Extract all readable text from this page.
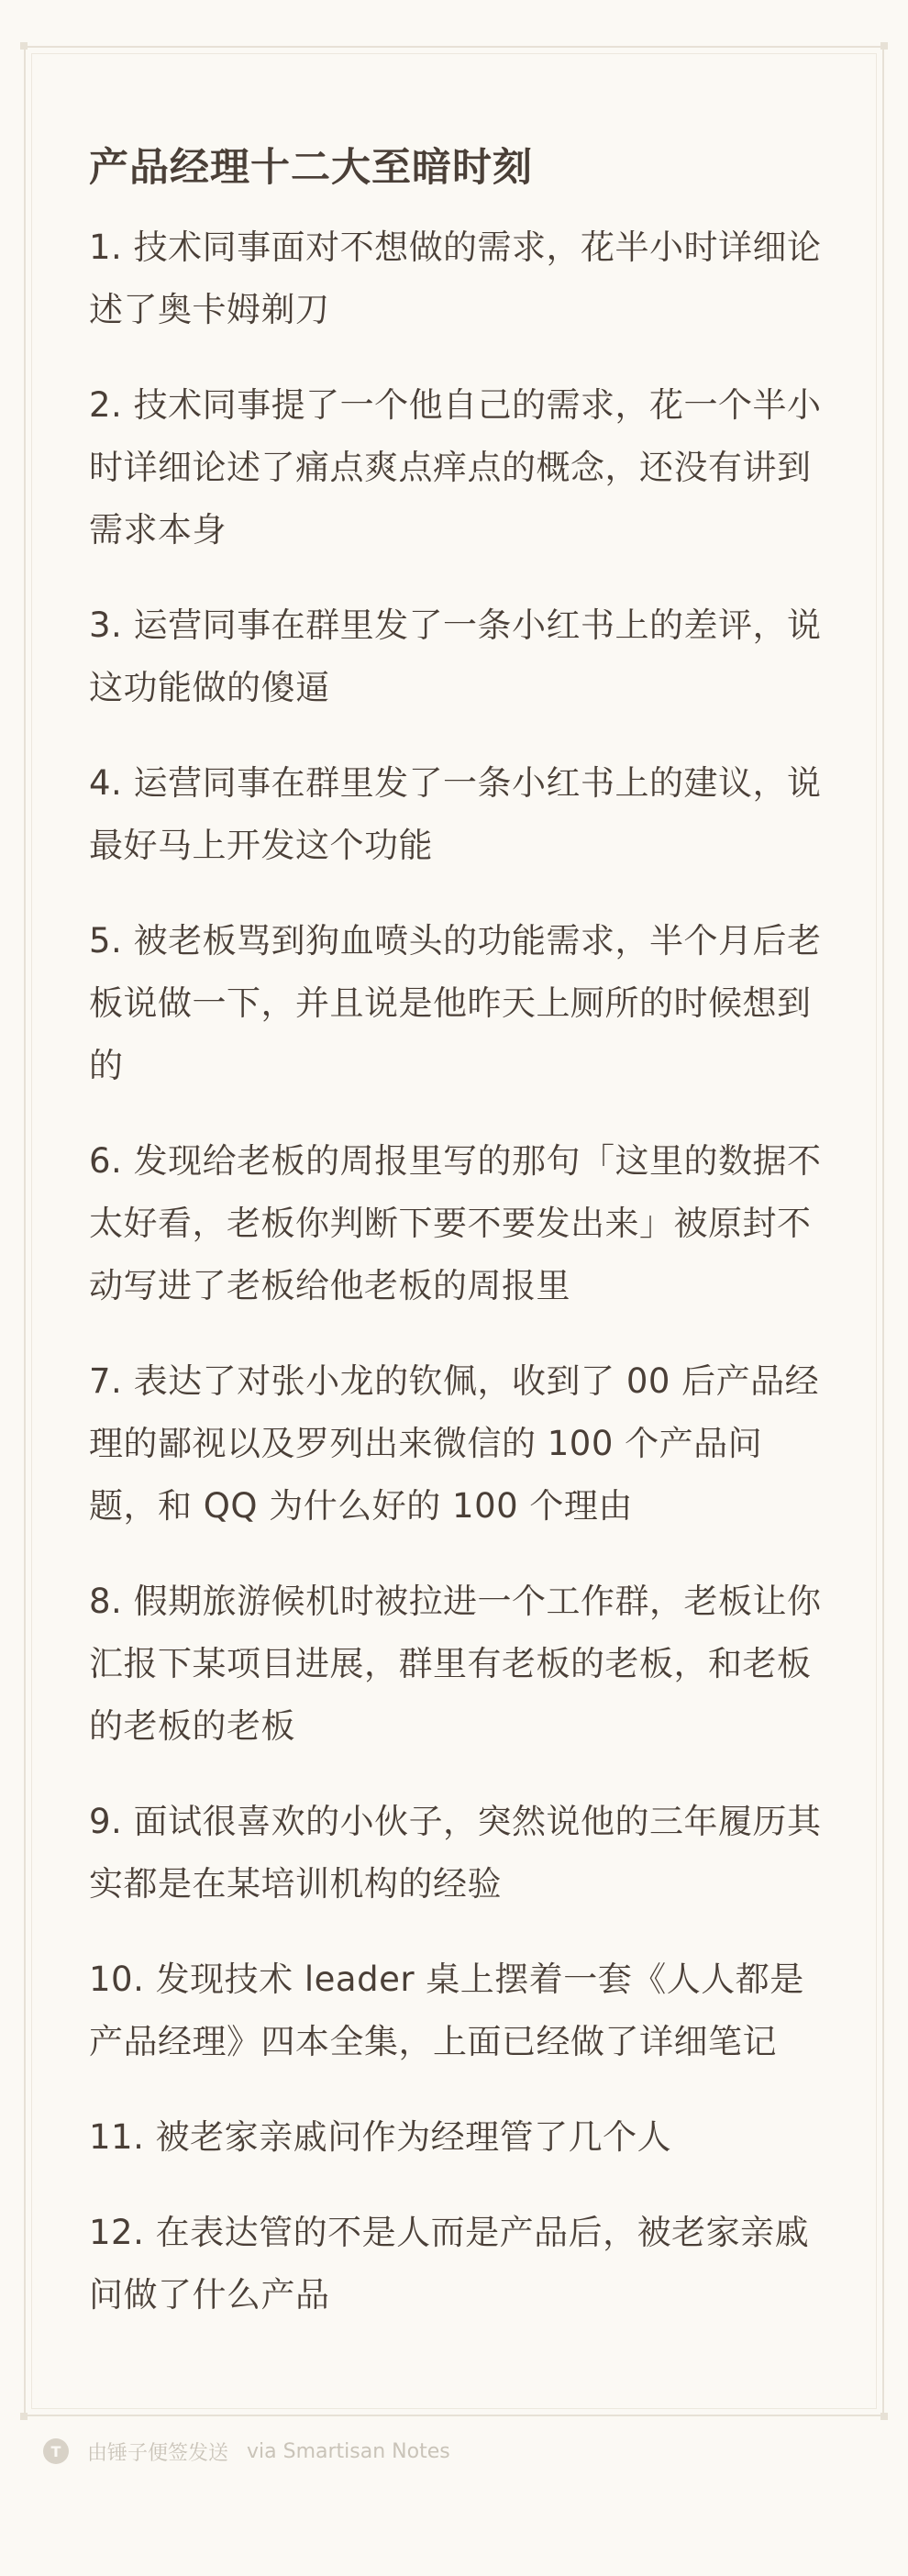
产品经理十二大至暗时刻

1. 技术同事面对不想做的需求，花半小时详细论述了奥卡姆剃刀

2. 技术同事提了一个他自己的需求，花一个半小时详细论述了痛点爽点痒点的概念，还没有讲到需求本身

3. 运营同事在群里发了一条小红书上的差评，说这功能做的傻逼

4. 运营同事在群里发了一条小红书上的建议，说最好马上开发这个功能

5. 被老板骂到狗血喷头的功能需求，半个月后老板说做一下，并且说是他昨天上厕所的时候想到的

6. 发现给老板的周报里写的那句「这里的数据不太好看，老板你判断下要不要发出来」被原封不动写进了老板给他老板的周报里

7. 表达了对张小龙的钦佩，收到了 00 后产品经理的鄙视以及罗列出来微信的 100 个产品问题，和 QQ 为什么好的 100 个理由

8. 假期旅游候机时被拉进一个工作群，老板让你汇报下某项目进展，群里有老板的老板，和老板的老板的老板

9. 面试很喜欢的小伙子，突然说他的三年履历其实都是在某培训机构的经验

10. 发现技术 leader 桌上摆着一套《人人都是产品经理》四本全集，上面已经做了详细笔记

11. 被老家亲戚问作为经理管了几个人

12. 在表达管的不是人而是产品后，被老家亲戚问做了什么产品

T	由锤子便签发送 via Smartisan Notes
